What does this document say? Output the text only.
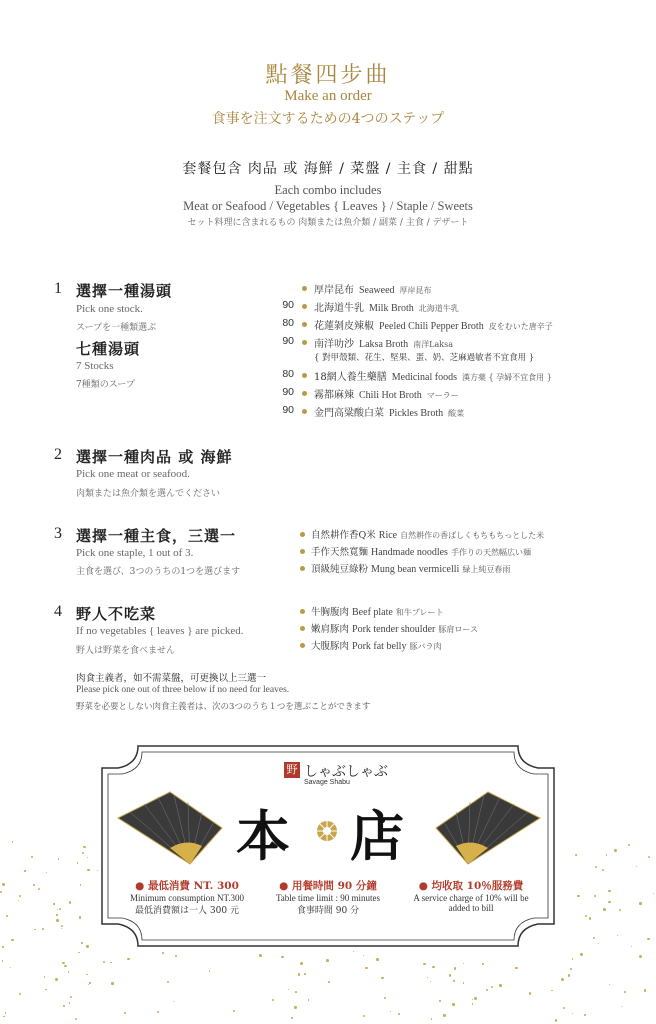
點餐四步曲
Make an order
食事を注文するための4つのステップ
套餐包含 肉品 或 海鮮 / 菜盤 / 主食 / 甜點
Each combo includes
Meat or Seafood / Vegetables { Leaves } / Staple / Sweets
セット料理に含まれるもの 肉類または魚介類 / 副菜 / 主食 / デザート
1 選擇一種湯頭
Pick one stock.
スープを一種類選ぶ
七種湯頭
7 Stocks
7種類のスープ
厚岸昆布 Seaweed 厚岸昆布
90 北海道牛乳 Milk Broth 北海道牛乳
80 花蓮剝皮辣椒 Peeled Chili Pepper Broth 皮をむいた唐辛子
90 南洋叻沙 Laksa Broth 南洋Laksa
{ 對甲殼類、花生、堅果、蛋、奶、芝麻過敏者不宜食用 }
80 18網人養生藥膳 Medicinal foods 漢方薬 { 孕婦不宜食用 }
90 霧都麻辣 Chili Hot Broth マーラー
90 金門高粱酸白菜 Pickles Broth 酸菜
2 選擇一種肉品 或 海鮮
Pick one meat or seafood.
肉類または魚介類を選んでください
3 選擇一種主食，三選一
Pick one staple, 1 out of 3.
主食を選び、3つのうちの1つを選びます
自然耕作香Q米 Rice 自然耕作の香ばしくもちもちっとした米
手作天然寬麵 Handmade noodles 手作りの天然幅広い麺
頂級純豆綠粉 Mung bean vermicelli 緑上純豆春雨
4 野人不吃菜
If no vegetables { leaves } are picked.
野人は野菜を食べません
牛胸腹肉 Beef plate 和牛プレート
嫩肩豚肉 Pork tender shoulder 豚肩ロース
大腹豚肉 Pork fat belly 豚バラ肉
肉食主義者，如不需菜盤，可更換以上三選一
Please pick one out of three below if no need for leaves.
野菜を必要としない肉食主義者は、次の3つのうち１つを選ぶことができます
野 しゃぶしゃぶ
Savage Shabu
本 店
● 最低消費 NT. 300
Minimum consumption NT.300
最低消費額は一人 300 元
● 用餐時間 90 分鐘
Table time limit : 90 minutes
食事時間 90 分
● 均收取 10％服務費
A service charge of 10% will be
added to bill
